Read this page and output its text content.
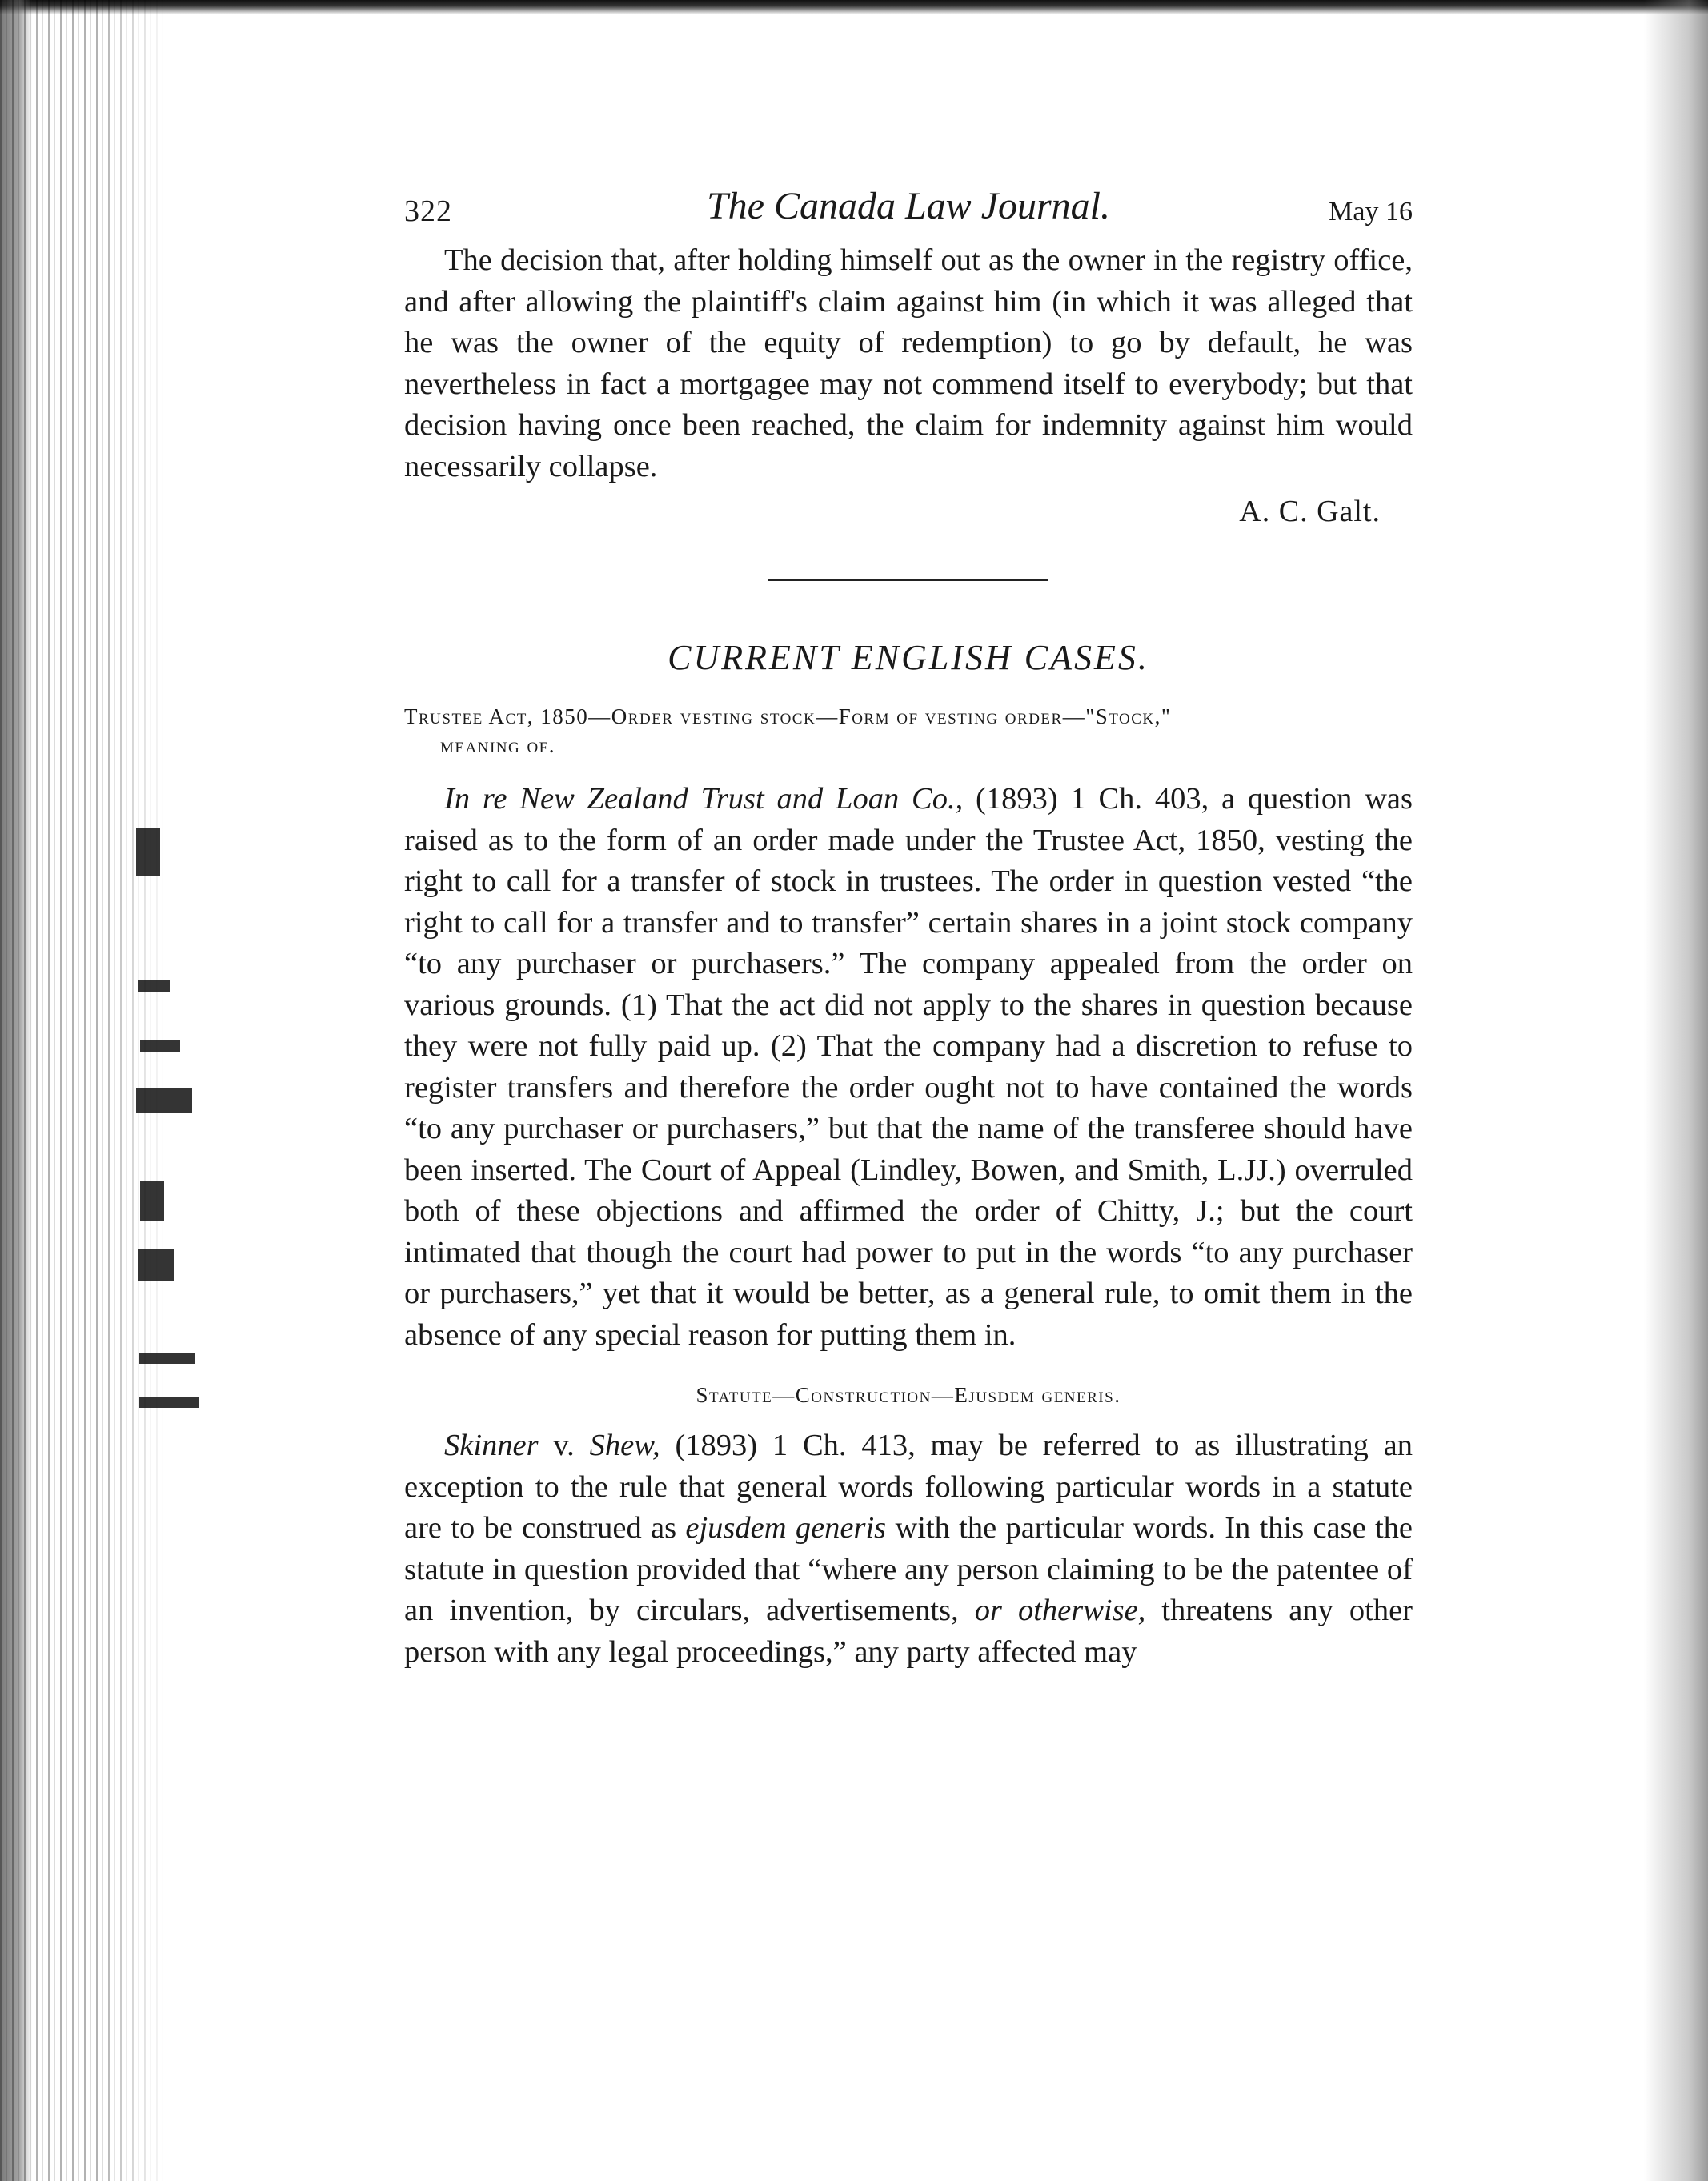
322	The Canada Law Journal.	May 16

The decision that, after holding himself out as the owner in the registry office, and after allowing the plaintiff's claim against him (in which it was alleged that he was the owner of the equity of redemption) to go by default, he was nevertheless in fact a mortgagee may not commend itself to everybody; but that decision having once been reached, the claim for indemnity against him would necessarily collapse.

A. C. Galt.
CURRENT ENGLISH CASES.
Trustee Act, 1850—Order vesting stock—Form of vesting order—"Stock,"
meaning of.

In re New Zealand Trust and Loan Co., (1893) 1 Ch. 403, a question was raised as to the form of an order made under the Trustee Act, 1850, vesting the right to call for a transfer of stock in trustees. The order in question vested “the right to call for a transfer and to transfer” certain shares in a joint stock company “to any purchaser or purchasers.” The company appealed from the order on various grounds. (1) That the act did not apply to the shares in question because they were not fully paid up. (2) That the company had a discretion to refuse to register transfers and therefore the order ought not to have contained the words “to any purchaser or purchasers,” but that the name of the transferee should have been inserted. The Court of Appeal (Lindley, Bowen, and Smith, L.JJ.) overruled both of these objections and affirmed the order of Chitty, J.; but the court intimated that though the court had power to put in the words “to any purchaser or purchasers,” yet that it would be better, as a general rule, to omit them in the absence of any special reason for putting them in.

Statute—Construction—Ejusdem generis.

Skinner v. Shew, (1893) 1 Ch. 413, may be referred to as illustrating an exception to the rule that general words following particular words in a statute are to be construed as ejusdem generis with the particular words. In this case the statute in question provided that “where any person claiming to be the patentee of an invention, by circulars, advertisements, or otherwise, threatens any other person with any legal proceedings,” any party affected may
